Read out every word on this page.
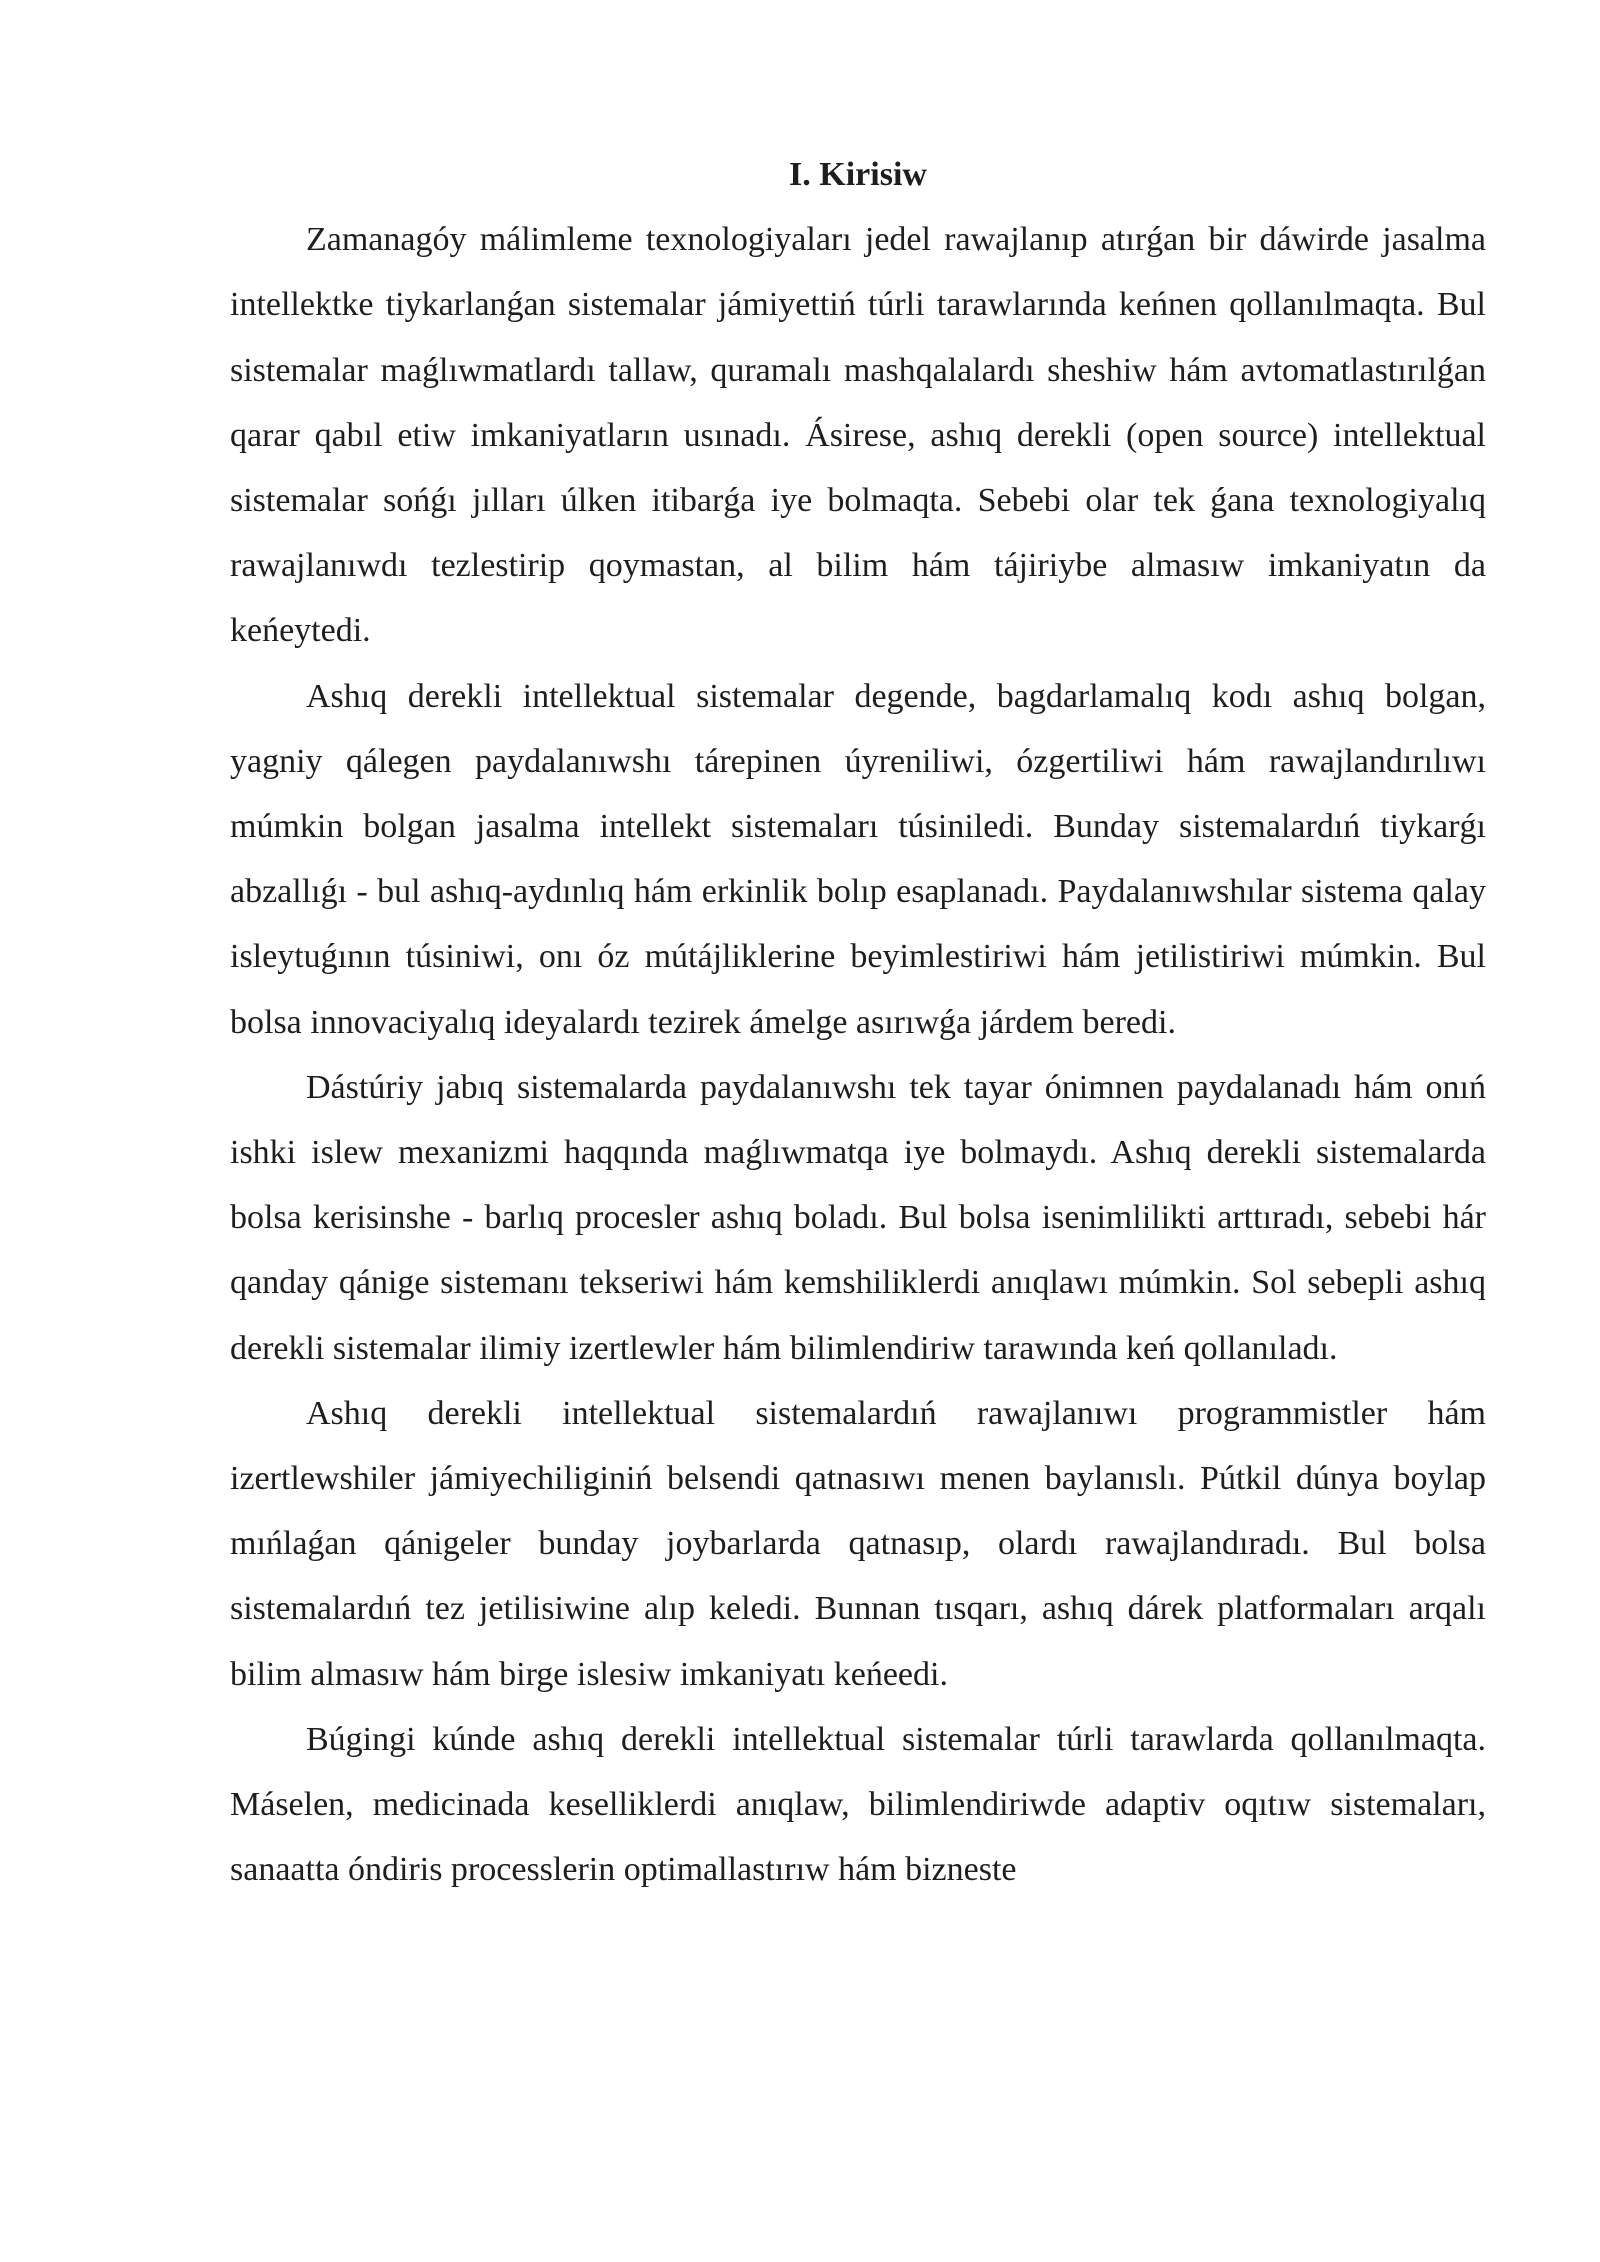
I. Kirisiw

Zamanagóy málimleme texnologiyaları jedel rawajlanıp atırǵan bir dáwirde jasalma intellektke tiykarlanǵan sistemalar jámiyettiń túrli tarawlarında keńnen qollanılmaqta. Bul sistemalar maǵlıwmatlardı tallaw, quramalı mashqalalardı sheshiw hám avtomatlastırılǵan qarar qabıl etiw imkaniyatların usınadı. Ásirese, ashıq derekli (open source) intellektual sistemalar sońǵı jılları úlken itibarǵa iye bolmaqta. Sebebi olar tek ǵana texnologiyalıq rawajlanıwdı tezlestirip qoymastan, al bilim hám tájiriybe almasıw imkaniyatın da keńeytedi.

Ashıq derekli intellektual sistemalar degende, bagdarlamalıq kodı ashıq bolgan, yagniy qálegen paydalanıwshı tárepinen úyreniliwi, ózgertiliwi hám rawajlandırılıwı múmkin bolgan jasalma intellekt sistemaları túsiniledi. Bunday sistemalardıń tiykarǵı abzallıǵı - bul ashıq-aydınlıq hám erkinlik bolıp esaplanadı. Paydalanıwshılar sistema qalay isleytuǵının túsiniwi, onı óz mútájliklerine beyimlestiriwi hám jetilistiriwi múmkin. Bul bolsa innovaciyalıq ideyalardı tezirek ámelge asırıwǵa járdem beredi.

Dástúriy jabıq sistemalarda paydalanıwshı tek tayar ónimnen paydalanadı hám onıń ishki islew mexanizmi haqqında maǵlıwmatqa iye bolmaydı. Ashıq derekli sistemalarda bolsa kerisinshe - barlıq procesler ashıq boladı. Bul bolsa isenimlilikti arttıradı, sebebi hár qanday qánige sistemanı tekseriwi hám kemshiliklerdi anıqlawı múmkin. Sol sebepli ashıq derekli sistemalar ilimiy izertlewler hám bilimlendiriw tarawında keń qollanıladı.

Ashıq derekli intellektual sistemalardıń rawajlanıwı programmistler hám izertlewshiler jámiyechiliginiń belsendi qatnasıwı menen baylanıslı. Pútkil dúnya boylap mıńlaǵan qánigeler bunday joybarlarda qatnasıp, olardı rawajlandıradı. Bul bolsa sistemalardıń tez jetilisiwine alıp keledi. Bunnan tısqarı, ashıq dárek platformaları arqalı bilim almasıw hám birge islesiw imkaniyatı keńeedi.

Búgingi kúnde ashıq derekli intellektual sistemalar túrli tarawlarda qollanılmaqta. Máselen, medicinada keselliklerdi anıqlaw, bilimlendiriwde adaptiv oqıtıw sistemaları, sanaatta óndiris processlerin optimallastırıw hám bizneste
